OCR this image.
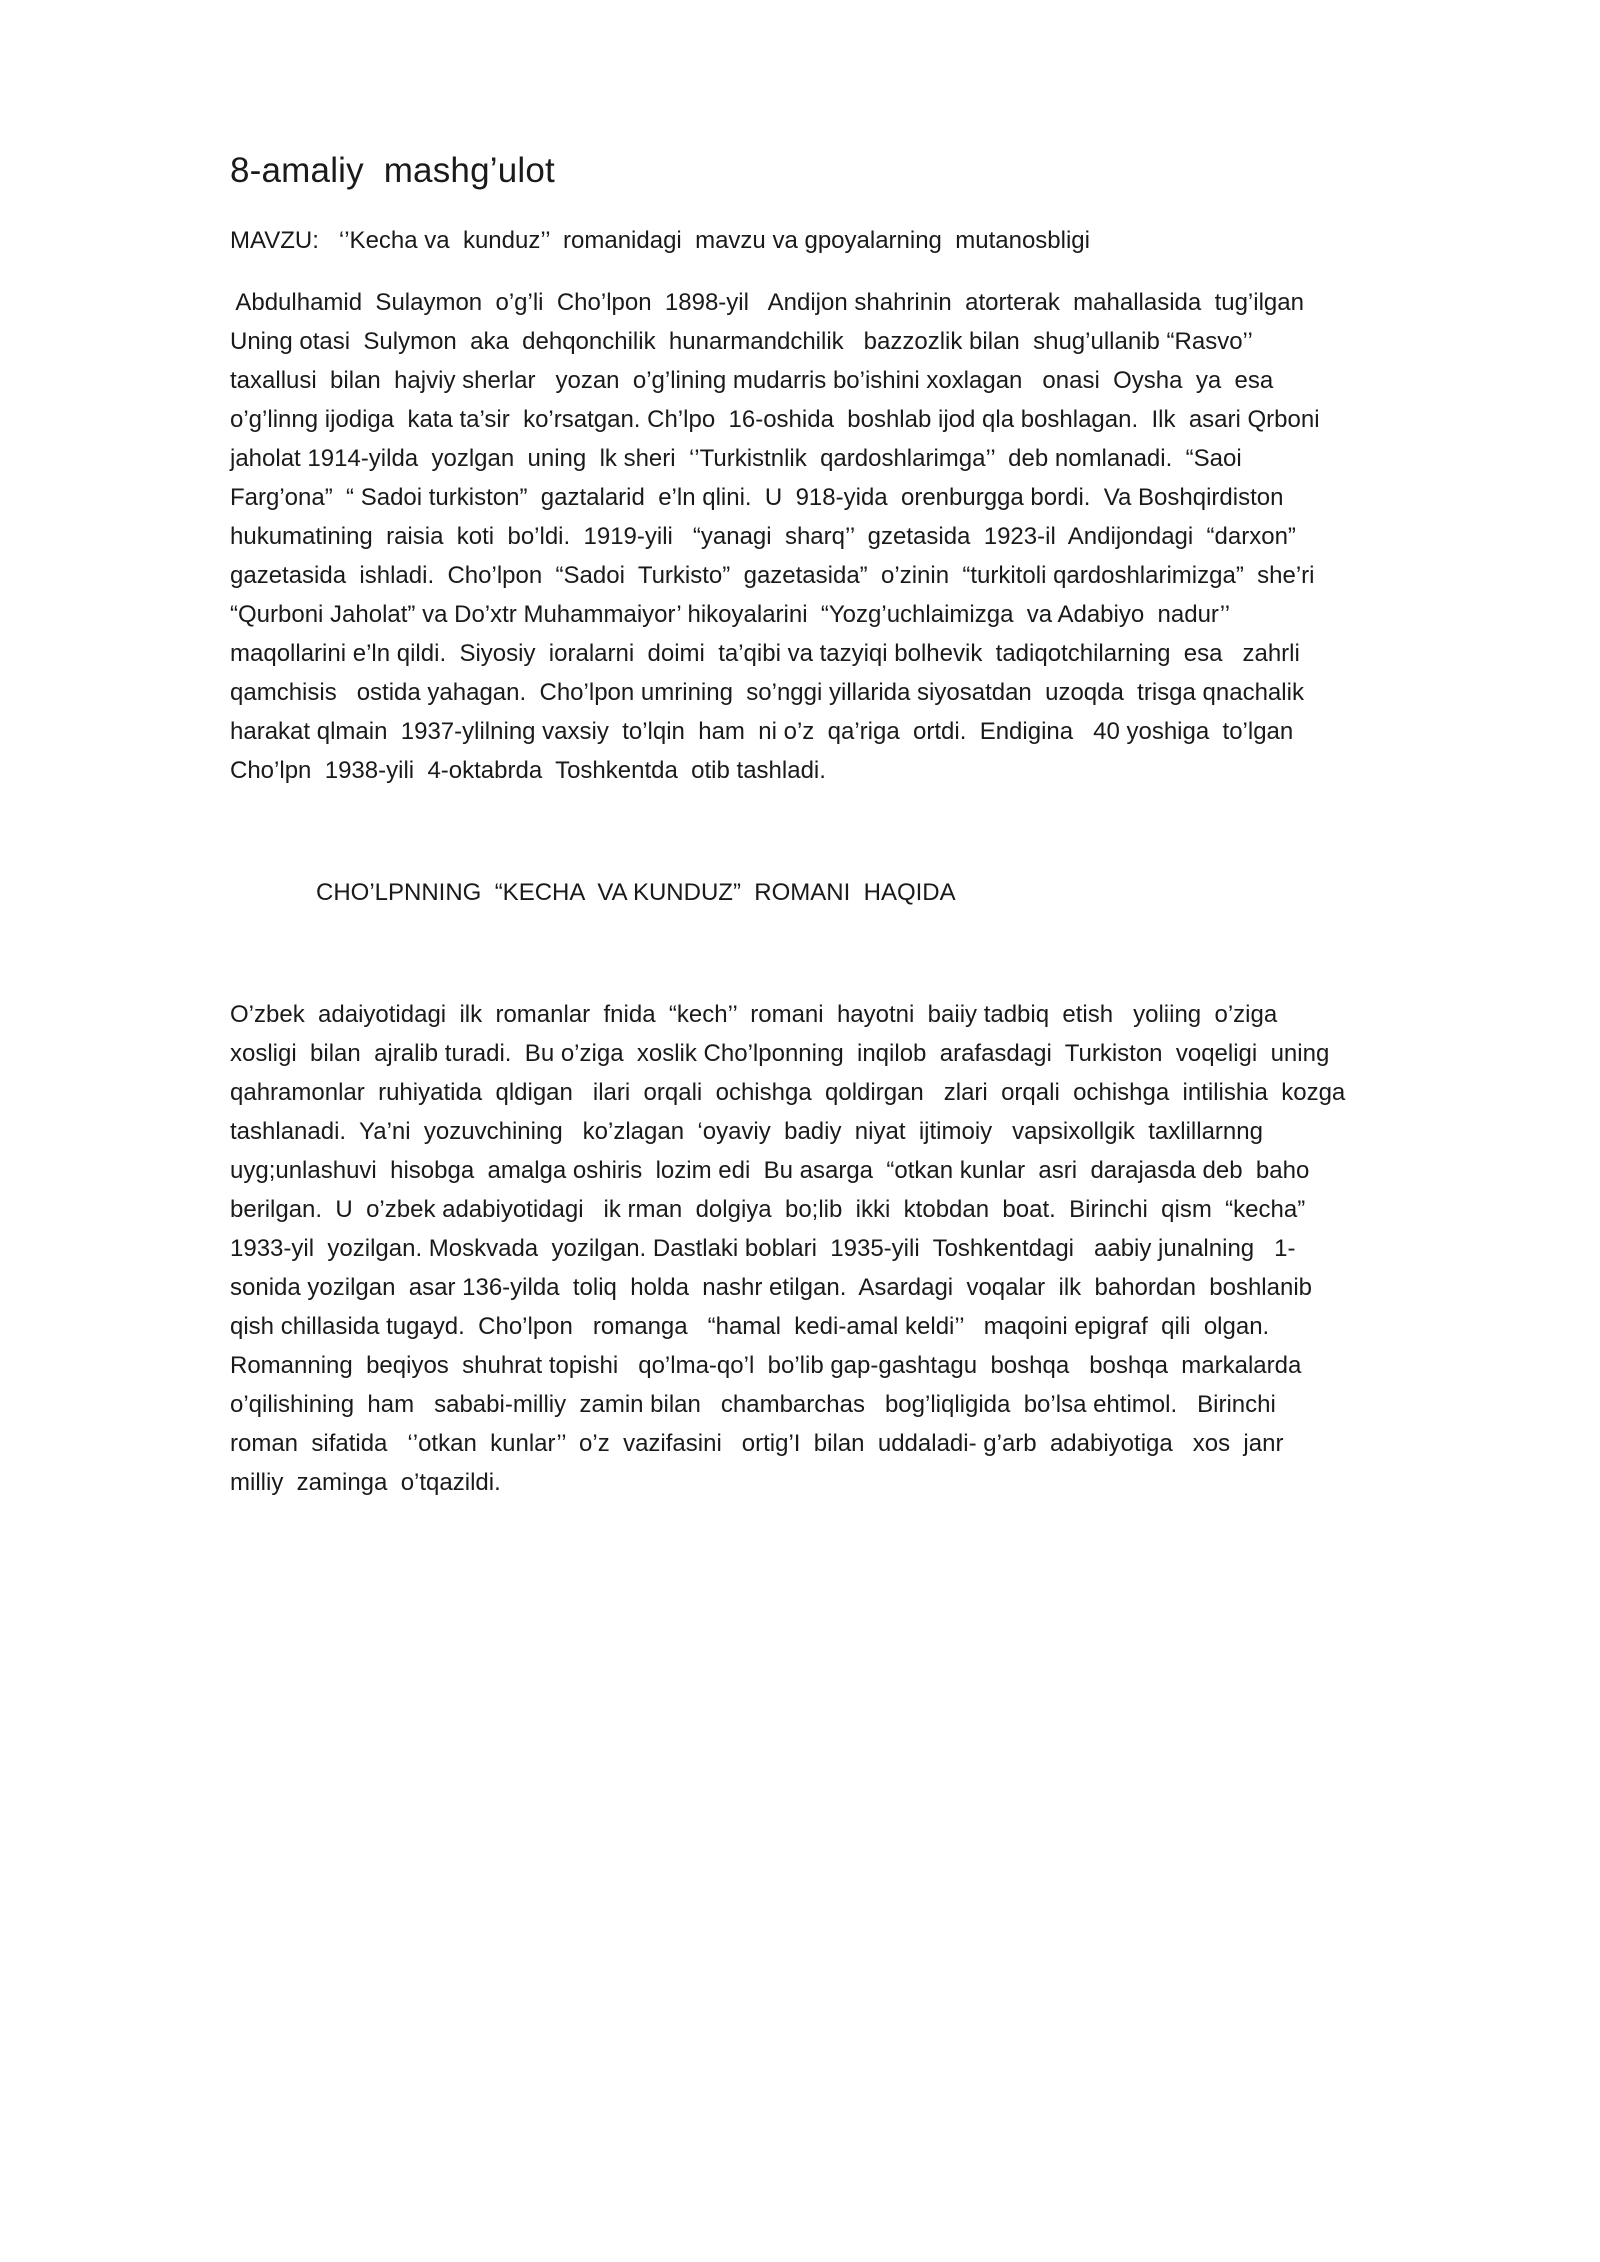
8-amaliy  mashg’ulot
MAVZU:   ‘’Kecha va  kunduz’’  romanidagi  mavzu va gpoyalarning  mutanosbligi
Abdulhamid  Sulaymon  o’g’li  Cho’lpon  1898-yil   Andijon shahrinin  atorterak  mahallasida  tug’ilgan
Uning otasi  Sulymon  aka  dehqonchilik  hunarmandchilik   bazzozlik bilan  shug’ullanib “Rasvo’’
taxallusi  bilan  hajviy sherlar   yozan  o’g’lining mudarris bo’ishini xoxlagan   onasi  Oysha  ya  esa
o’g’linng ijodiga  kata ta’sir  ko’rsatgan. Ch’lpo  16-oshida  boshlab ijod qla boshlagan.  Ilk  asari Qrboni
jaholat 1914-yilda  yozlgan  uning  lk sheri  ‘’Turkistnlik  qardoshlarimga’’  deb nomlanadi.  “Saoi
Farg’ona”  “ Sadoi turkiston”  gaztalarid  e’ln qlini.  U  918-yida  orenburgga bordi.  Va Boshqirdiston
hukumatining  raisia  koti  bo’ldi.  1919-yili   “yanagi  sharq’’  gzetasida  1923-il  Andijondagi  “darxon”
gazetasida  ishladi.  Cho’lpon  “Sadoi  Turkisto”  gazetasida”  o’zinin  “turkitoli qardoshlarimizga”  she’ri
“Qurboni Jaholat” va Do’xtr Muhammaiyor’ hikoyalarini  “Yozg’uchlaimizga  va Adabiyo  nadur’’
maqollarini e’ln qildi.  Siyosiy  ioralarni  doimi  ta’qibi va tazyiqi bolhevik  tadiqotchilarning  esa   zahrli
qamchisis   ostida yahagan.  Cho’lpon umrining  so’nggi yillarida siyosatdan  uzoqda  trisga qnachalik
harakat qlmain  1937-ylilning vaxsiy  to’lqin  ham  ni o’z  qa’riga  ortdi.  Endigina   40 yoshiga  to’lgan
Cho’lpn  1938-yili  4-oktabrda  Toshkentda  otib tashladi.
CHO’LPNNING  “KECHA  VA KUNDUZ”  ROMANI  HAQIDA
O’zbek  adaiyotidagi  ilk  romanlar  fnida  “kech’’  romani  hayotni  baiiy tadbiq  etish   yoliing  o’ziga
xosligi  bilan  ajralib turadi.  Bu o’ziga  xoslik Cho’lponning  inqilob  arafasdagi  Turkiston  voqeligi  uning
qahramonlar  ruhiyatida  qldigan   ilari  orqali  ochishga  qoldirgan   zlari  orqali  ochishga  intilishia  kozga
tashlanadi.  Ya’ni  yozuvchining   ko’zlagan  ‘oyaviy  badiy  niyat  ijtimoiy   vapsixollgik  taxlillarnng
uyg;unlashuvi  hisobga  amalga oshiris  lozim edi  Bu asarga  “otkan kunlar  asri  darajasda deb  baho
berilgan.  U  o’zbek adabiyotidagi   ik rman  dolgiya  bo;lib  ikki  ktobdan  boat.  Birinchi  qism  “kecha”
1933-yil  yozilgan. Moskvada  yozilgan. Dastlaki boblari  1935-yili  Toshkentdagi   aabiy junalning   1-
sonida yozilgan  asar 136-yilda  toliq  holda  nashr etilgan.  Asardagi  voqalar  ilk  bahordan  boshlanib
qish chillasida tugayd.  Cho’lpon   romanga   “hamal  kedi-amal keldi’’   maqoini epigraf  qili  olgan.
Romanning  beqiyos  shuhrat topishi   qo’lma-qo’l  bo’lib gap-gashtagu  boshqa   boshqa  markalarda
o’qilishining  ham   sababi-milliy  zamin bilan   chambarchas   bog’liqligida  bo’lsa ehtimol.   Birinchi
roman  sifatida   ‘’otkan  kunlar’’  o’z  vazifasini   ortig’I  bilan  uddaladi- g’arb  adabiyotiga   xos  janr
milliy  zaminga  o’tqazildi.
